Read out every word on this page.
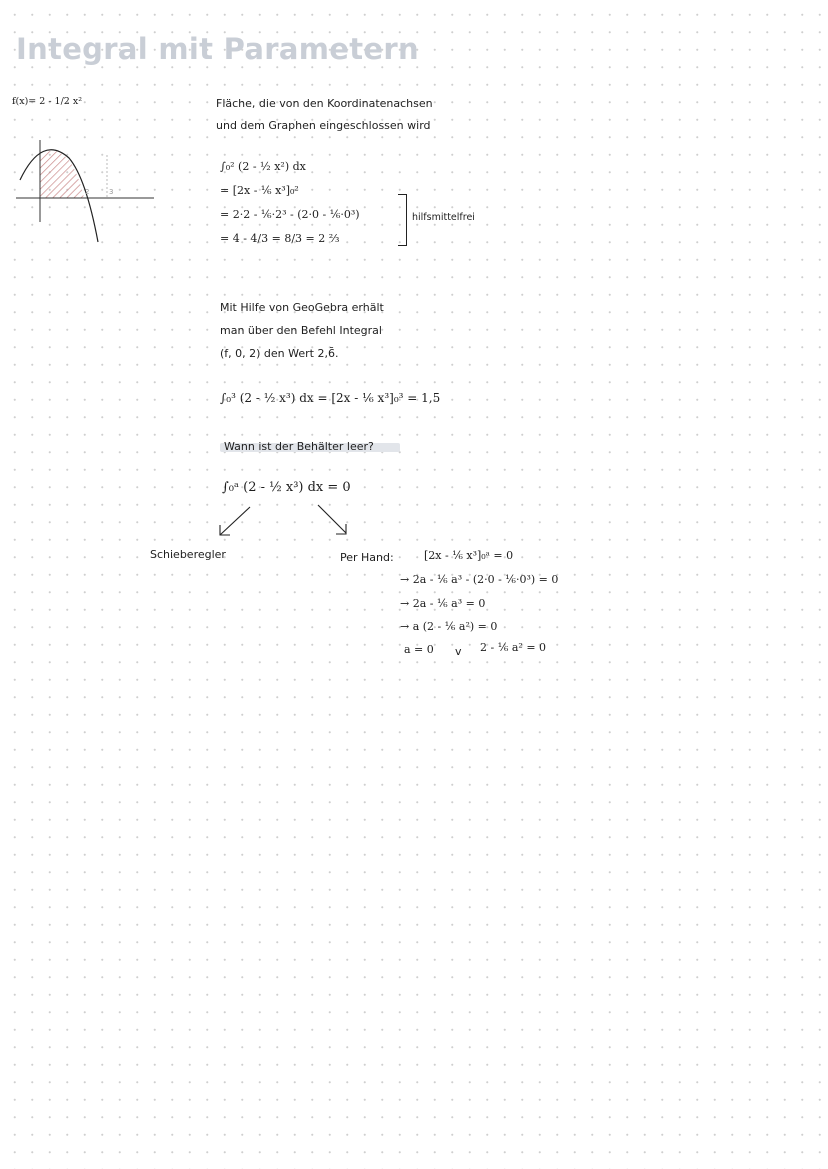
Integral mit Parametern
f(x)= 2 - 1/2 x²
2	3
Fläche, die von den Koordinatenachsen
und dem Graphen eingeschlossen wird
∫₀² (2 - ½ x²) dx
= [2x - ⅙ x³]₀²
= 2·2 - ⅙·2³ - (2·0 - ⅙·0³)
= 4 - 4/3 = 8/3 = 2 ⅔
hilfsmittelfrei
Mit Hilfe von GeoGebra erhält
man über den Befehl Integral
(f, 0, 2) den Wert 2,6̄.
∫₀³ (2 - ½ x³) dx = [2x - ⅙ x³]₀³ = 1,5
Wann ist der Behälter leer?
∫₀ᵃ (2 - ½ x³) dx = 0
Schieberegler	Per Hand:	[2x - ⅙ x³]₀ᵃ = 0
→ 2a - ⅙ a³ - (2·0 - ⅙·0³) = 0
→ 2a - ⅙ a³ = 0
→ a (2 - ⅙ a²) = 0
a = 0 v 2 - ⅙ a² = 0
